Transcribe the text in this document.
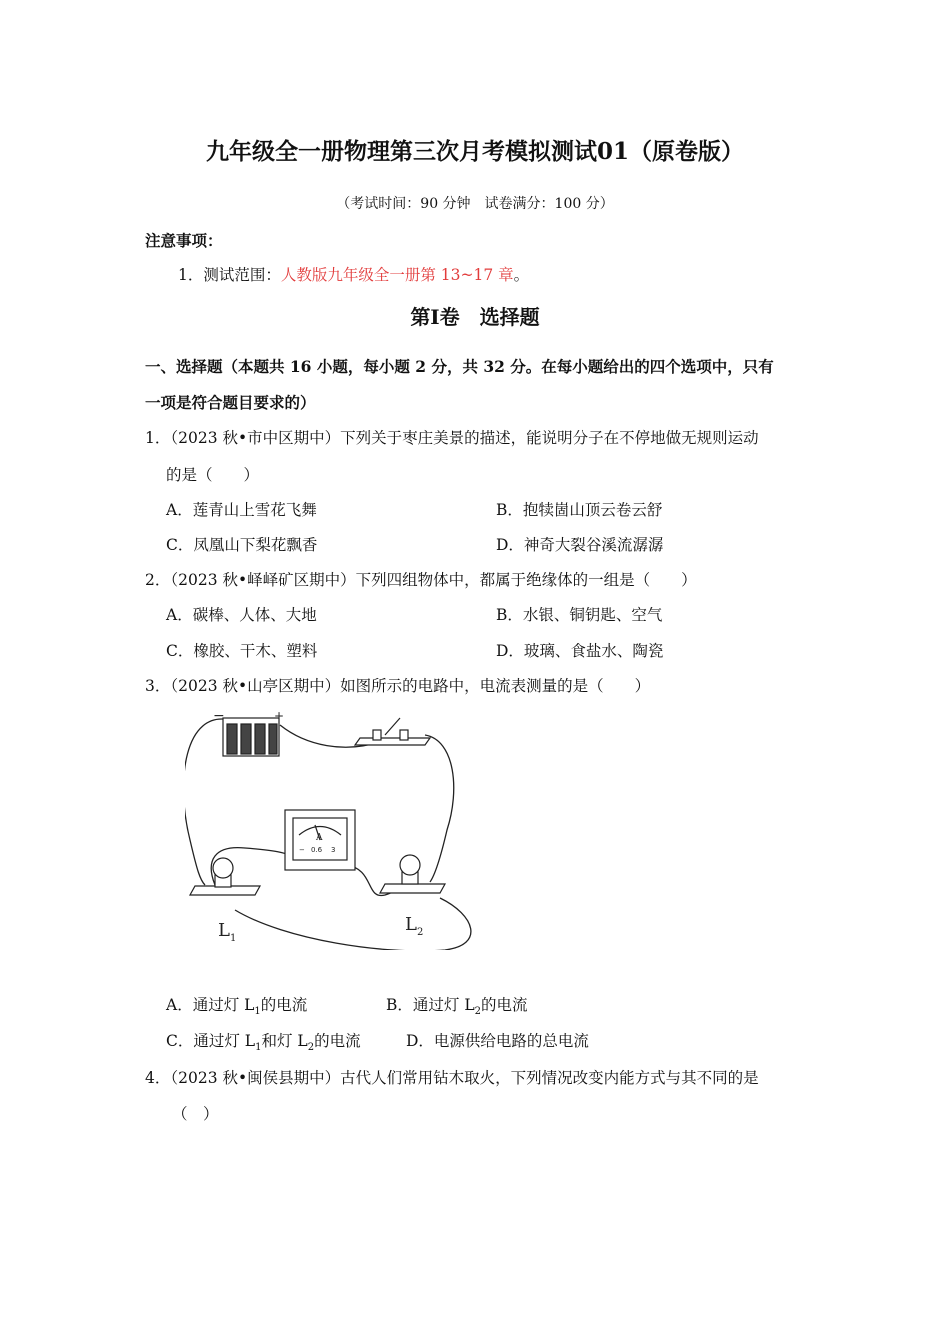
九年级全一册物理第三次月考模拟测试01（原卷版）
（考试时间：90 分钟　试卷满分：100 分）
注意事项：
1．测试范围：人教版九年级全一册第 13~17 章。
第Ⅰ卷　选择题
一、选择题（本题共 16 小题，每小题 2 分，共 32 分。在每小题给出的四个选项中，只有
一项是符合题目要求的）
1．（2023 秋•市中区期中）下列关于枣庄美景的描述，能说明分子在不停地做无规则运动
的是（　　）
A．莲青山上雪花飞舞	B．抱犊崮山顶云卷云舒
C．凤凰山下梨花飘香	D．神奇大裂谷溪流潺潺
2．（2023 秋•峄峄矿区期中）下列四组物体中，都属于绝缘体的一组是（　　）
A．碳棒、人体、大地	B．水银、铜钥匙、空气
C．橡胶、干木、塑料	D．玻璃、食盐水、陶瓷
3．（2023 秋•山亭区期中）如图所示的电路中，电流表测量的是（　　）
−	+
A
− 0.6 3
$L_1$
$L_2$
A．通过灯 $L_1$的电流	B．通过灯 $L_2$的电流
C．通过灯 $L_1$和灯 $L_2$的电流	D．电源供给电路的总电流
4．（2023 秋•闽侯县期中）古代人们常用钻木取火，下列情况改变内能方式与其不同的是
（　）
